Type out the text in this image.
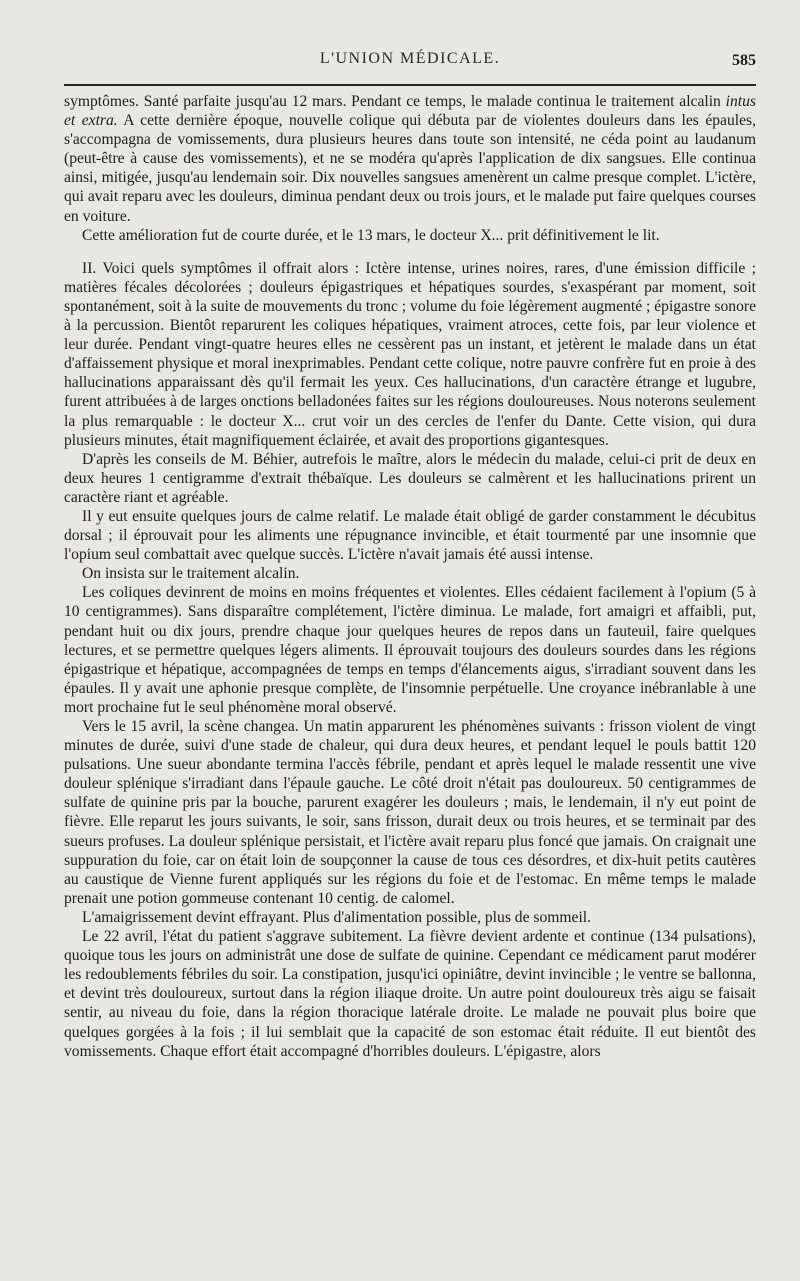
L'UNION MÉDICALE.	585

symptômes. Santé parfaite jusqu'au 12 mars. Pendant ce temps, le malade continua le traitement alcalin intus et extra. A cette dernière époque, nouvelle colique qui débuta par de violentes douleurs dans les épaules, s'accompagna de vomissements, dura plusieurs heures dans toute son intensité, ne céda point au laudanum (peut-être à cause des vomissements), et ne se modéra qu'après l'application de dix sangsues. Elle continua ainsi, mitigée, jusqu'au lendemain soir. Dix nouvelles sangsues amenèrent un calme presque complet. L'ictère, qui avait reparu avec les douleurs, diminua pendant deux ou trois jours, et le malade put faire quelques courses en voiture.

Cette amélioration fut de courte durée, et le 13 mars, le docteur X... prit définitivement le lit.

II. Voici quels symptômes il offrait alors : Ictère intense, urines noires, rares, d'une émission difficile ; matières fécales décolorées ; douleurs épigastriques et hépatiques sourdes, s'exaspérant par moment, soit spontanément, soit à la suite de mouvements du tronc ; volume du foie légèrement augmenté ; épigastre sonore à la percussion. Bientôt reparurent les coliques hépatiques, vraiment atroces, cette fois, par leur violence et leur durée. Pendant vingt-quatre heures elles ne cessèrent pas un instant, et jetèrent le malade dans un état d'affaissement physique et moral inexprimables. Pendant cette colique, notre pauvre confrère fut en proie à des hallucinations apparaissant dès qu'il fermait les yeux. Ces hallucinations, d'un caractère étrange et lugubre, furent attribuées à de larges onctions belladonées faites sur les régions douloureuses. Nous noterons seulement la plus remarquable : le docteur X... crut voir un des cercles de l'enfer du Dante. Cette vision, qui dura plusieurs minutes, était magnifiquement éclairée, et avait des proportions gigantesques.

D'après les conseils de M. Béhier, autrefois le maître, alors le médecin du malade, celui-ci prit de deux en deux heures 1 centigramme d'extrait thébaïque. Les douleurs se calmèrent et les hallucinations prirent un caractère riant et agréable.

Il y eut ensuite quelques jours de calme relatif. Le malade était obligé de garder constamment le décubitus dorsal ; il éprouvait pour les aliments une répugnance invincible, et était tourmenté par une insomnie que l'opium seul combattait avec quelque succès. L'ictère n'avait jamais été aussi intense.

On insista sur le traitement alcalin.

Les coliques devinrent de moins en moins fréquentes et violentes. Elles cédaient facilement à l'opium (5 à 10 centigrammes). Sans disparaître complétement, l'ictère diminua. Le malade, fort amaigri et affaibli, put, pendant huit ou dix jours, prendre chaque jour quelques heures de repos dans un fauteuil, faire quelques lectures, et se permettre quelques légers aliments. Il éprouvait toujours des douleurs sourdes dans les régions épigastrique et hépatique, accompagnées de temps en temps d'élancements aigus, s'irradiant souvent dans les épaules. Il y avait une aphonie presque complète, de l'insomnie perpétuelle. Une croyance inébranlable à une mort prochaine fut le seul phénomène moral observé.

Vers le 15 avril, la scène changea. Un matin apparurent les phénomènes suivants : frisson violent de vingt minutes de durée, suivi d'une stade de chaleur, qui dura deux heures, et pendant lequel le pouls battit 120 pulsations. Une sueur abondante termina l'accès fébrile, pendant et après lequel le malade ressentit une vive douleur splénique s'irradiant dans l'épaule gauche. Le côté droit n'était pas douloureux. 50 centigrammes de sulfate de quinine pris par la bouche, parurent exagérer les douleurs ; mais, le lendemain, il n'y eut point de fièvre. Elle reparut les jours suivants, le soir, sans frisson, durait deux ou trois heures, et se terminait par des sueurs profuses. La douleur splénique persistait, et l'ictère avait reparu plus foncé que jamais. On craignait une suppuration du foie, car on était loin de soupçonner la cause de tous ces désordres, et dix-huit petits cautères au caustique de Vienne furent appliqués sur les régions du foie et de l'estomac. En même temps le malade prenait une potion gommeuse contenant 10 centig. de calomel.

L'amaigrissement devint effrayant. Plus d'alimentation possible, plus de sommeil.

Le 22 avril, l'état du patient s'aggrave subitement. La fièvre devient ardente et continue (134 pulsations), quoique tous les jours on administrât une dose de sulfate de quinine. Cependant ce médicament parut modérer les redoublements fébriles du soir. La constipation, jusqu'ici opiniâtre, devint invincible ; le ventre se ballonna, et devint très douloureux, surtout dans la région iliaque droite. Un autre point douloureux très aigu se faisait sentir, au niveau du foie, dans la région thoracique latérale droite. Le malade ne pouvait plus boire que quelques gorgées à la fois ; il lui semblait que la capacité de son estomac était réduite. Il eut bientôt des vomissements. Chaque effort était accompagné d'horribles douleurs. L'épigastre, alors
